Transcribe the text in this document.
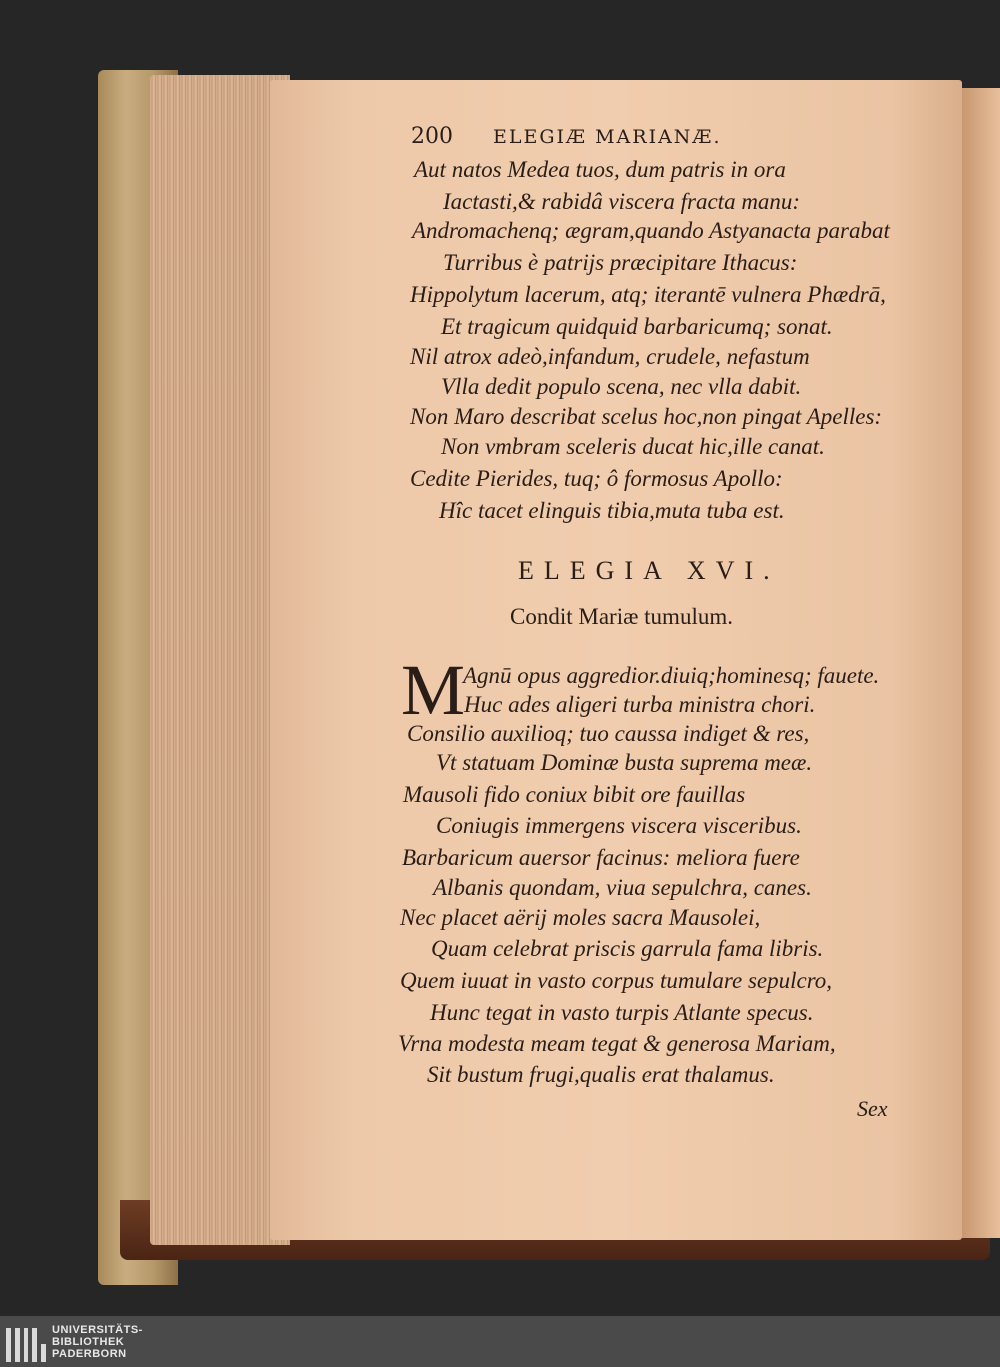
200 ELEGIÆ MARIANÆ.
Aut natos Medea tuos, dum patris in ora
Iactasti,& rabidâ viscera fracta manu:
Andromachenq; ægram,quando Astyanacta parabat
Turribus è patrijs præcipitare Ithacus:
Hippolytum lacerum, atq; iterantē vulnera Phædrā,
Et tragicum quidquid barbaricumq; sonat.
Nil atrox adeò,infandum, crudele, nefastum
Vlla dedit populo scena, nec vlla dabit.
Non Maro describat scelus hoc,non pingat Apelles:
Non vmbram sceleris ducat hic,ille canat.
Cedite Pierides, tuq; ô formosus Apollo:
Hîc tacet elinguis tibia,muta tuba est.
ELEGIA XVI.
Condit Mariæ tumulum.
M
Agnū opus aggredior.diuiq;hominesq; fauete.
Huc ades aligeri turba ministra chori.
Consilio auxilioq; tuo caussa indiget & res,
Vt statuam Dominæ busta suprema meæ.
Mausoli fido coniux bibit ore fauillas
Coniugis immergens viscera visceribus.
Barbaricum auersor facinus: meliora fuere
Albanis quondam, viua sepulchra, canes.
Nec placet aërij moles sacra Mausolei,
Quam celebrat priscis garrula fama libris.
Quem iuuat in vasto corpus tumulare sepulcro,
Hunc tegat in vasto turpis Atlante specus.
Vrna modesta meam tegat & generosa Mariam,
Sit bustum frugi,qualis erat thalamus.
Sex
UNIVERSITÄTS-
BIBLIOTHEK
PADERBORN
